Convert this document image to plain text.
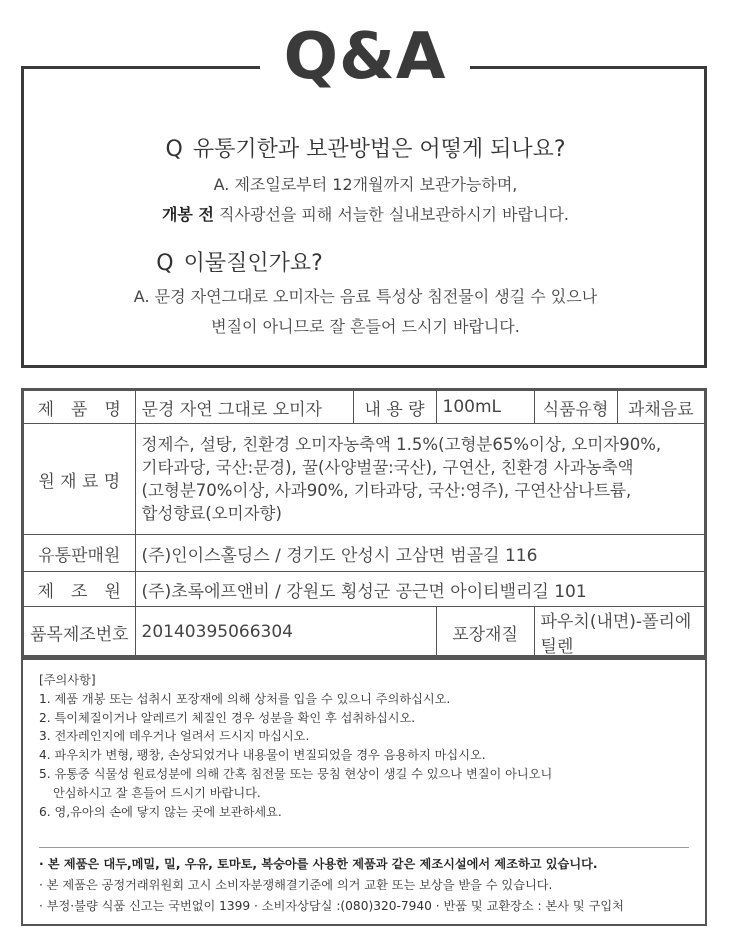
Q&A
Q 유통기한과 보관방법은 어떻게 되나요?
A. 제조일로부터 12개월까지 보관가능하며,
개봉 전 직사광선을 피해 서늘한 실내보관하시기 바랍니다.
Q 이물질인가요?
A. 문경 자연그대로 오미자는 음료 특성상 침전물이 생길 수 있으나
변질이 아니므로 잘 흔들어 드시기 바랍니다.
제　품　명	문경 자연 그대로 오미자	내 용 량	100mL	식품유형	과채음료
원 재 료 명	정제수, 설탕, 친환경 오미자농축액 1.5%(고형분65%이상, 오미자90%,
기타과당, 국산:문경), 꿀(사양벌꿀:국산), 구연산, 친환경 사과농축액
(고형분70%이상, 사과90%, 기타과당, 국산:영주), 구연산삼나트륨,
합성향료(오미자향)				

유통판매원	(주)인이스홀딩스 / 경기도 안성시 고삼면 범골길 116				
제　조　원	(주)초록에프앤비 / 강원도 횡성군 공근면 아이티밸리길 101				
품목제조번호	20140395066304		포장재질	파우치(내면)-폴리에틸렌	
[주의사항]
1. 제품 개봉 또는 섭취시 포장재에 의해 상처를 입을 수 있으니 주의하십시오.
2. 특이체질이거나 알레르기 체질인 경우 성분을 확인 후 섭취하십시오.
3. 전자레인지에 데우거나 얼려서 드시지 마십시오.
4. 파우치가 변형, 팽창, 손상되었거나 내용물이 변질되었을 경우 음용하지 마십시오.
5. 유통중 식물성 원료성분에 의해 간혹 침전물 또는 뭉침 현상이 생길 수 있으나 변질이 아니오니
안심하시고 잘 흔들어 드시기 바랍니다.
6. 영,유아의 손에 닿지 않는 곳에 보관하세요.
· 본 제품은 대두,메밀, 밀, 우유, 토마토, 복숭아를 사용한 제품과 같은 제조시설에서 제조하고 있습니다.
· 본 제품은 공정거래위원회 고시 소비자분쟁해결기준에 의거 교환 또는 보상을 받을 수 있습니다.
· 부정·불량 식품 신고는 국번없이 1399 · 소비자상담실 :(080)320-7940 · 반품 및 교환장소 : 본사 및 구입처
